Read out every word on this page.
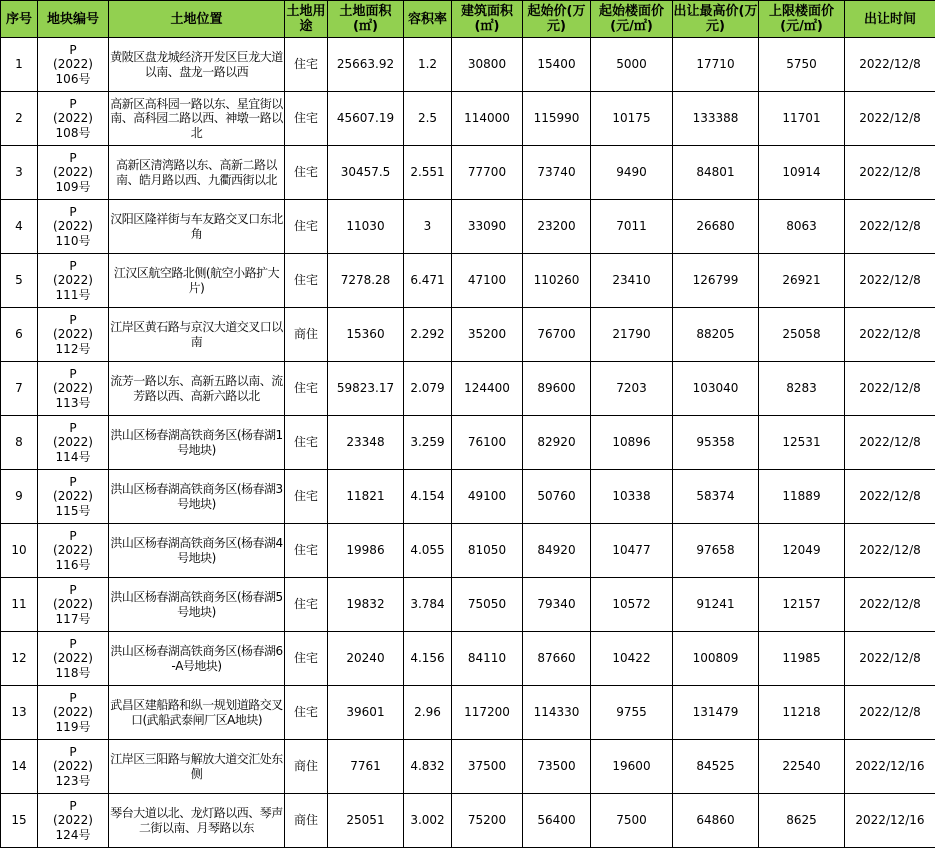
序号	地块编号	土地位置	土地用途	土地面积(㎡)	容积率	建筑面积(㎡)	起始价(万元)	起始楼面价(元/㎡)	出让最高价(万元)	上限楼面价(元/㎡)	出让时间
1	P
(2022)
106号	黄陂区盘龙城经济开发区巨龙大道以南、盘龙一路以西	住宅	25663.92	1.2	30800	15400	5000	17710	5750	2022/12/8
2	P
(2022)
108号	高新区高科园一路以东、星宜街以南、高科园二路以西、神墩一路以北	住宅	45607.19	2.5	114000	115990	10175	133388	11701	2022/12/8
3	P
(2022)
109号	高新区清湾路以东、高新二路以南、皓月路以西、九衢西街以北	住宅	30457.5	2.551	77700	73740	9490	84801	10914	2022/12/8
4	P
(2022)
110号	汉阳区隆祥街与车友路交叉口东北角	住宅	11030	3	33090	23200	7011	26680	8063	2022/12/8
5	P
(2022)
111号	江汉区航空路北侧(航空小路扩大片)	住宅	7278.28	6.471	47100	110260	23410	126799	26921	2022/12/8
6	P
(2022)
112号	江岸区黄石路与京汉大道交叉口以南	商住	15360	2.292	35200	76700	21790	88205	25058	2022/12/8
7	P
(2022)
113号	流芳一路以东、高新五路以南、流芳路以西、高新六路以北	住宅	59823.17	2.079	124400	89600	7203	103040	8283	2022/12/8
8	P
(2022)
114号	洪山区杨春湖高铁商务区(杨春湖1号地块)	住宅	23348	3.259	76100	82920	10896	95358	12531	2022/12/8
9	P
(2022)
115号	洪山区杨春湖高铁商务区(杨春湖3号地块)	住宅	11821	4.154	49100	50760	10338	58374	11889	2022/12/8
10	P
(2022)
116号	洪山区杨春湖高铁商务区(杨春湖4号地块)	住宅	19986	4.055	81050	84920	10477	97658	12049	2022/12/8
11	P
(2022)
117号	洪山区杨春湖高铁商务区(杨春湖5号地块)	住宅	19832	3.784	75050	79340	10572	91241	12157	2022/12/8
12	P
(2022)
118号	洪山区杨春湖高铁商务区(杨春湖6-A号地块)	住宅	20240	4.156	84110	87660	10422	100809	11985	2022/12/8
13	P
(2022)
119号	武昌区建船路和纵一规划道路交叉口(武船武泰闸厂区A地块)	住宅	39601	2.96	117200	114330	9755	131479	11218	2022/12/8
14	P
(2022)
123号	江岸区三阳路与解放大道交汇处东侧	商住	7761	4.832	37500	73500	19600	84525	22540	2022/12/16
15	P
(2022)
124号	琴台大道以北、龙灯路以西、琴声二街以南、月琴路以东	商住	25051	3.002	75200	56400	7500	64860	8625	2022/12/16
